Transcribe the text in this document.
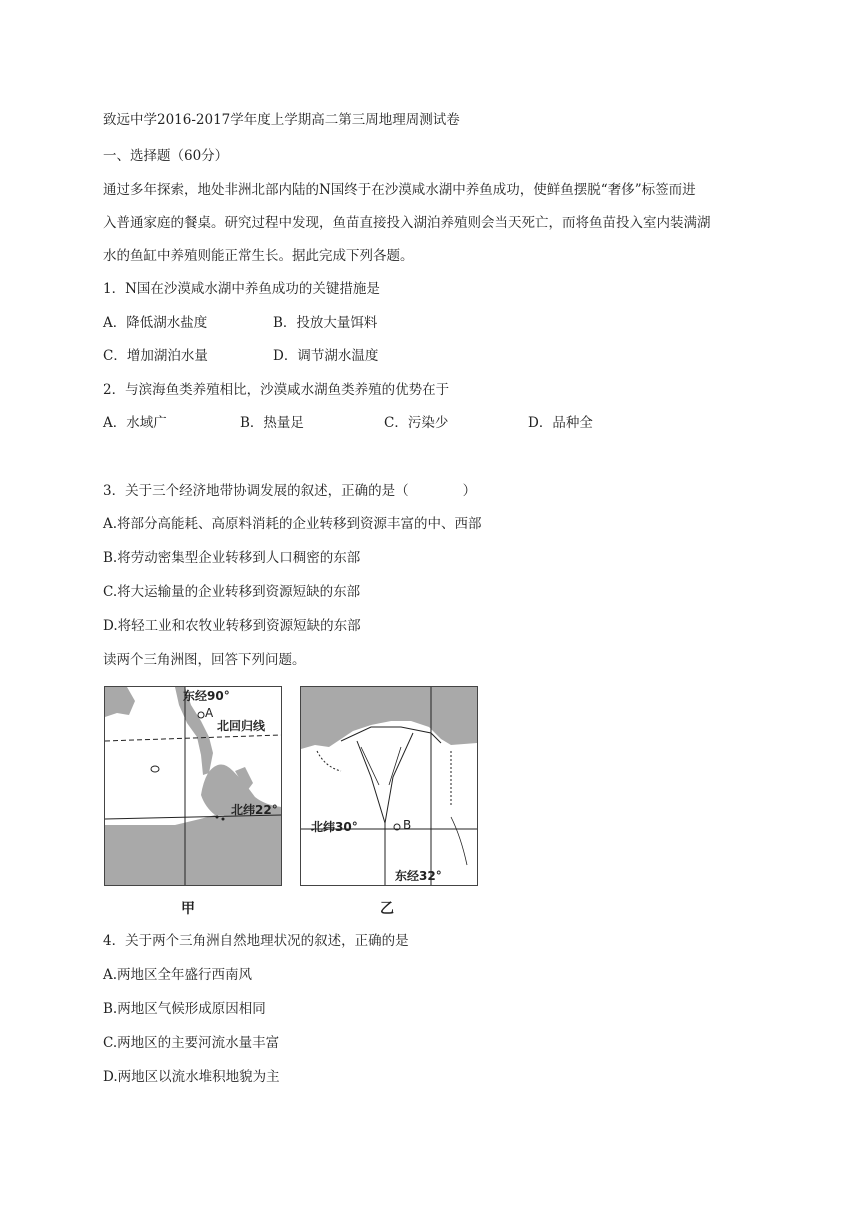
致远中学2016-2017学年度上学期高二第三周地理周测试卷
一、选择题（60分）
通过多年探索，地处非洲北部内陆的N国终于在沙漠咸水湖中养鱼成功，使鲜鱼摆脱“奢侈”标签而进
入普通家庭的餐桌。研究过程中发现，鱼苗直接投入湖泊养殖则会当天死亡，而将鱼苗投入室内装满湖
水的鱼缸中养殖则能正常生长。据此完成下列各题。
1．N国在沙漠咸水湖中养鱼成功的关键措施是
A．降低湖水盐度	B．投放大量饵料
C．增加湖泊水量	D．调节湖水温度
2．与滨海鱼类养殖相比，沙漠咸水湖鱼类养殖的优势在于
A．水域广	B．热量足	C．污染少	D．品种全
3．关于三个经济地带协调发展的叙述，正确的是（　　　　）
A.将部分高能耗、高原料消耗的企业转移到资源丰富的中、西部
B.将劳动密集型企业转移到人口稠密的东部
C.将大运输量的企业转移到资源短缺的东部
D.将轻工业和农牧业转移到资源短缺的东部
读两个三角洲图，回答下列问题。
东经90°
A
北回归线
北纬22°
甲
北纬30°	B
东经32°
乙
4．关于两个三角洲自然地理状况的叙述，正确的是
A.两地区全年盛行西南风
B.两地区气候形成原因相同
C.两地区的主要河流水量丰富
D.两地区以流水堆积地貌为主
